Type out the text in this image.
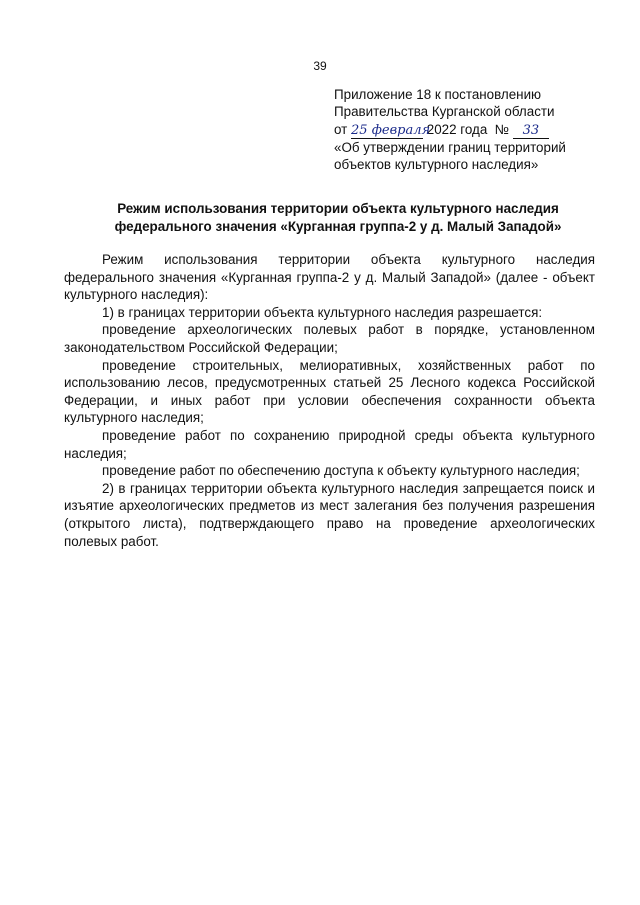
39
Приложение 18 к постановлению
Правительства Курганской области
от 25 февраля 2022 года № 33
«Об утверждении границ территорий
объектов культурного наследия»
Режим использования территории объекта культурного наследия
федерального значения «Курганная группа-2 у д. Малый Западой»

Режим использования территории объекта культурного наследия федерального значения «Курганная группа-2 у д. Малый Западой» (далее - объект культурного наследия):

1) в границах территории объекта культурного наследия разрешается:

проведение археологических полевых работ в порядке, установленном законодательством Российской Федерации;

проведение строительных, мелиоративных, хозяйственных работ по использованию лесов, предусмотренных статьей 25 Лесного кодекса Российской Федерации, и иных работ при условии обеспечения сохранности объекта культурного наследия;

проведение работ по сохранению природной среды объекта культурного наследия;

проведение работ по обеспечению доступа к объекту культурного наследия;

2) в границах территории объекта культурного наследия запрещается поиск и изъятие археологических предметов из мест залегания без получения разрешения (открытого листа), подтверждающего право на проведение археологических полевых работ.
